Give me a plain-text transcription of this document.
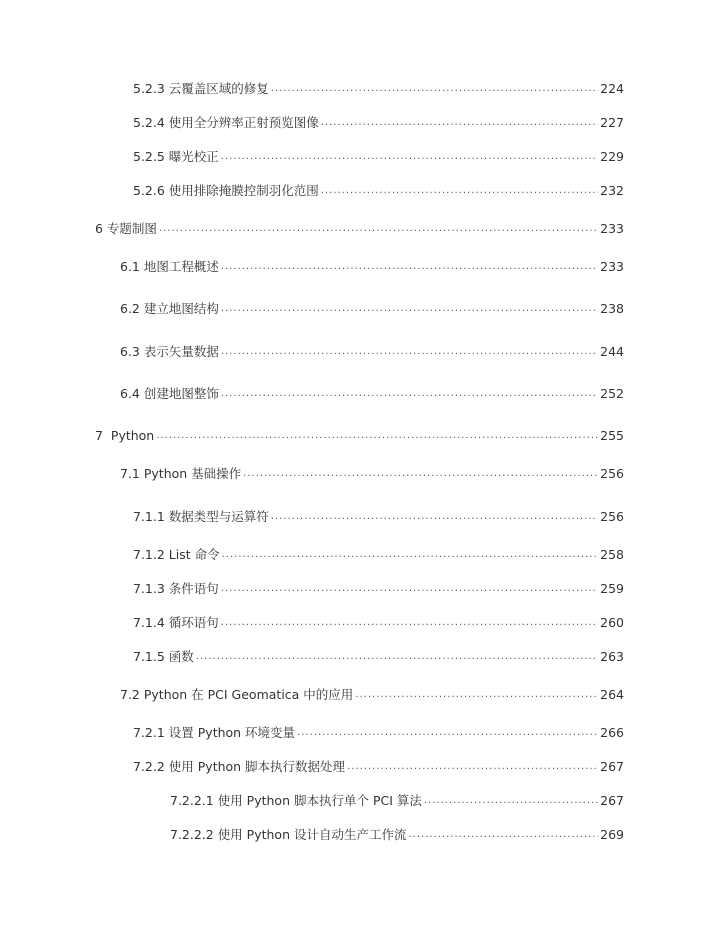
5.2.3 云覆盖区域的修复 .....	224
5.2.4 使用全分辨率正射预览图像 .....	227
5.2.5 曝光校正 .....	229
5.2.6 使用排除掩膜控制羽化范围 .....	232
6 专题制图 .....	233
6.1 地图工程概述 .....	233
6.2 建立地图结构 .....	238
6.3 表示矢量数据 .....	244
6.4 创建地图整饰 .....	252
7  Python .....	255
7.1 Python 基础操作 .....	256
7.1.1 数据类型与运算符 .....	256
7.1.2 List 命令 .....	258
7.1.3 条件语句 .....	259
7.1.4 循环语句 .....	260
7.1.5 函数 .....	263
7.2 Python 在 PCI Geomatica 中的应用 .....	264
7.2.1 设置 Python 环境变量 .....	266
7.2.2 使用 Python 脚本执行数据处理 .....	267
7.2.2.1 使用 Python 脚本执行单个 PCI 算法 .....	267
7.2.2.2 使用 Python 设计自动生产工作流 .....	269
